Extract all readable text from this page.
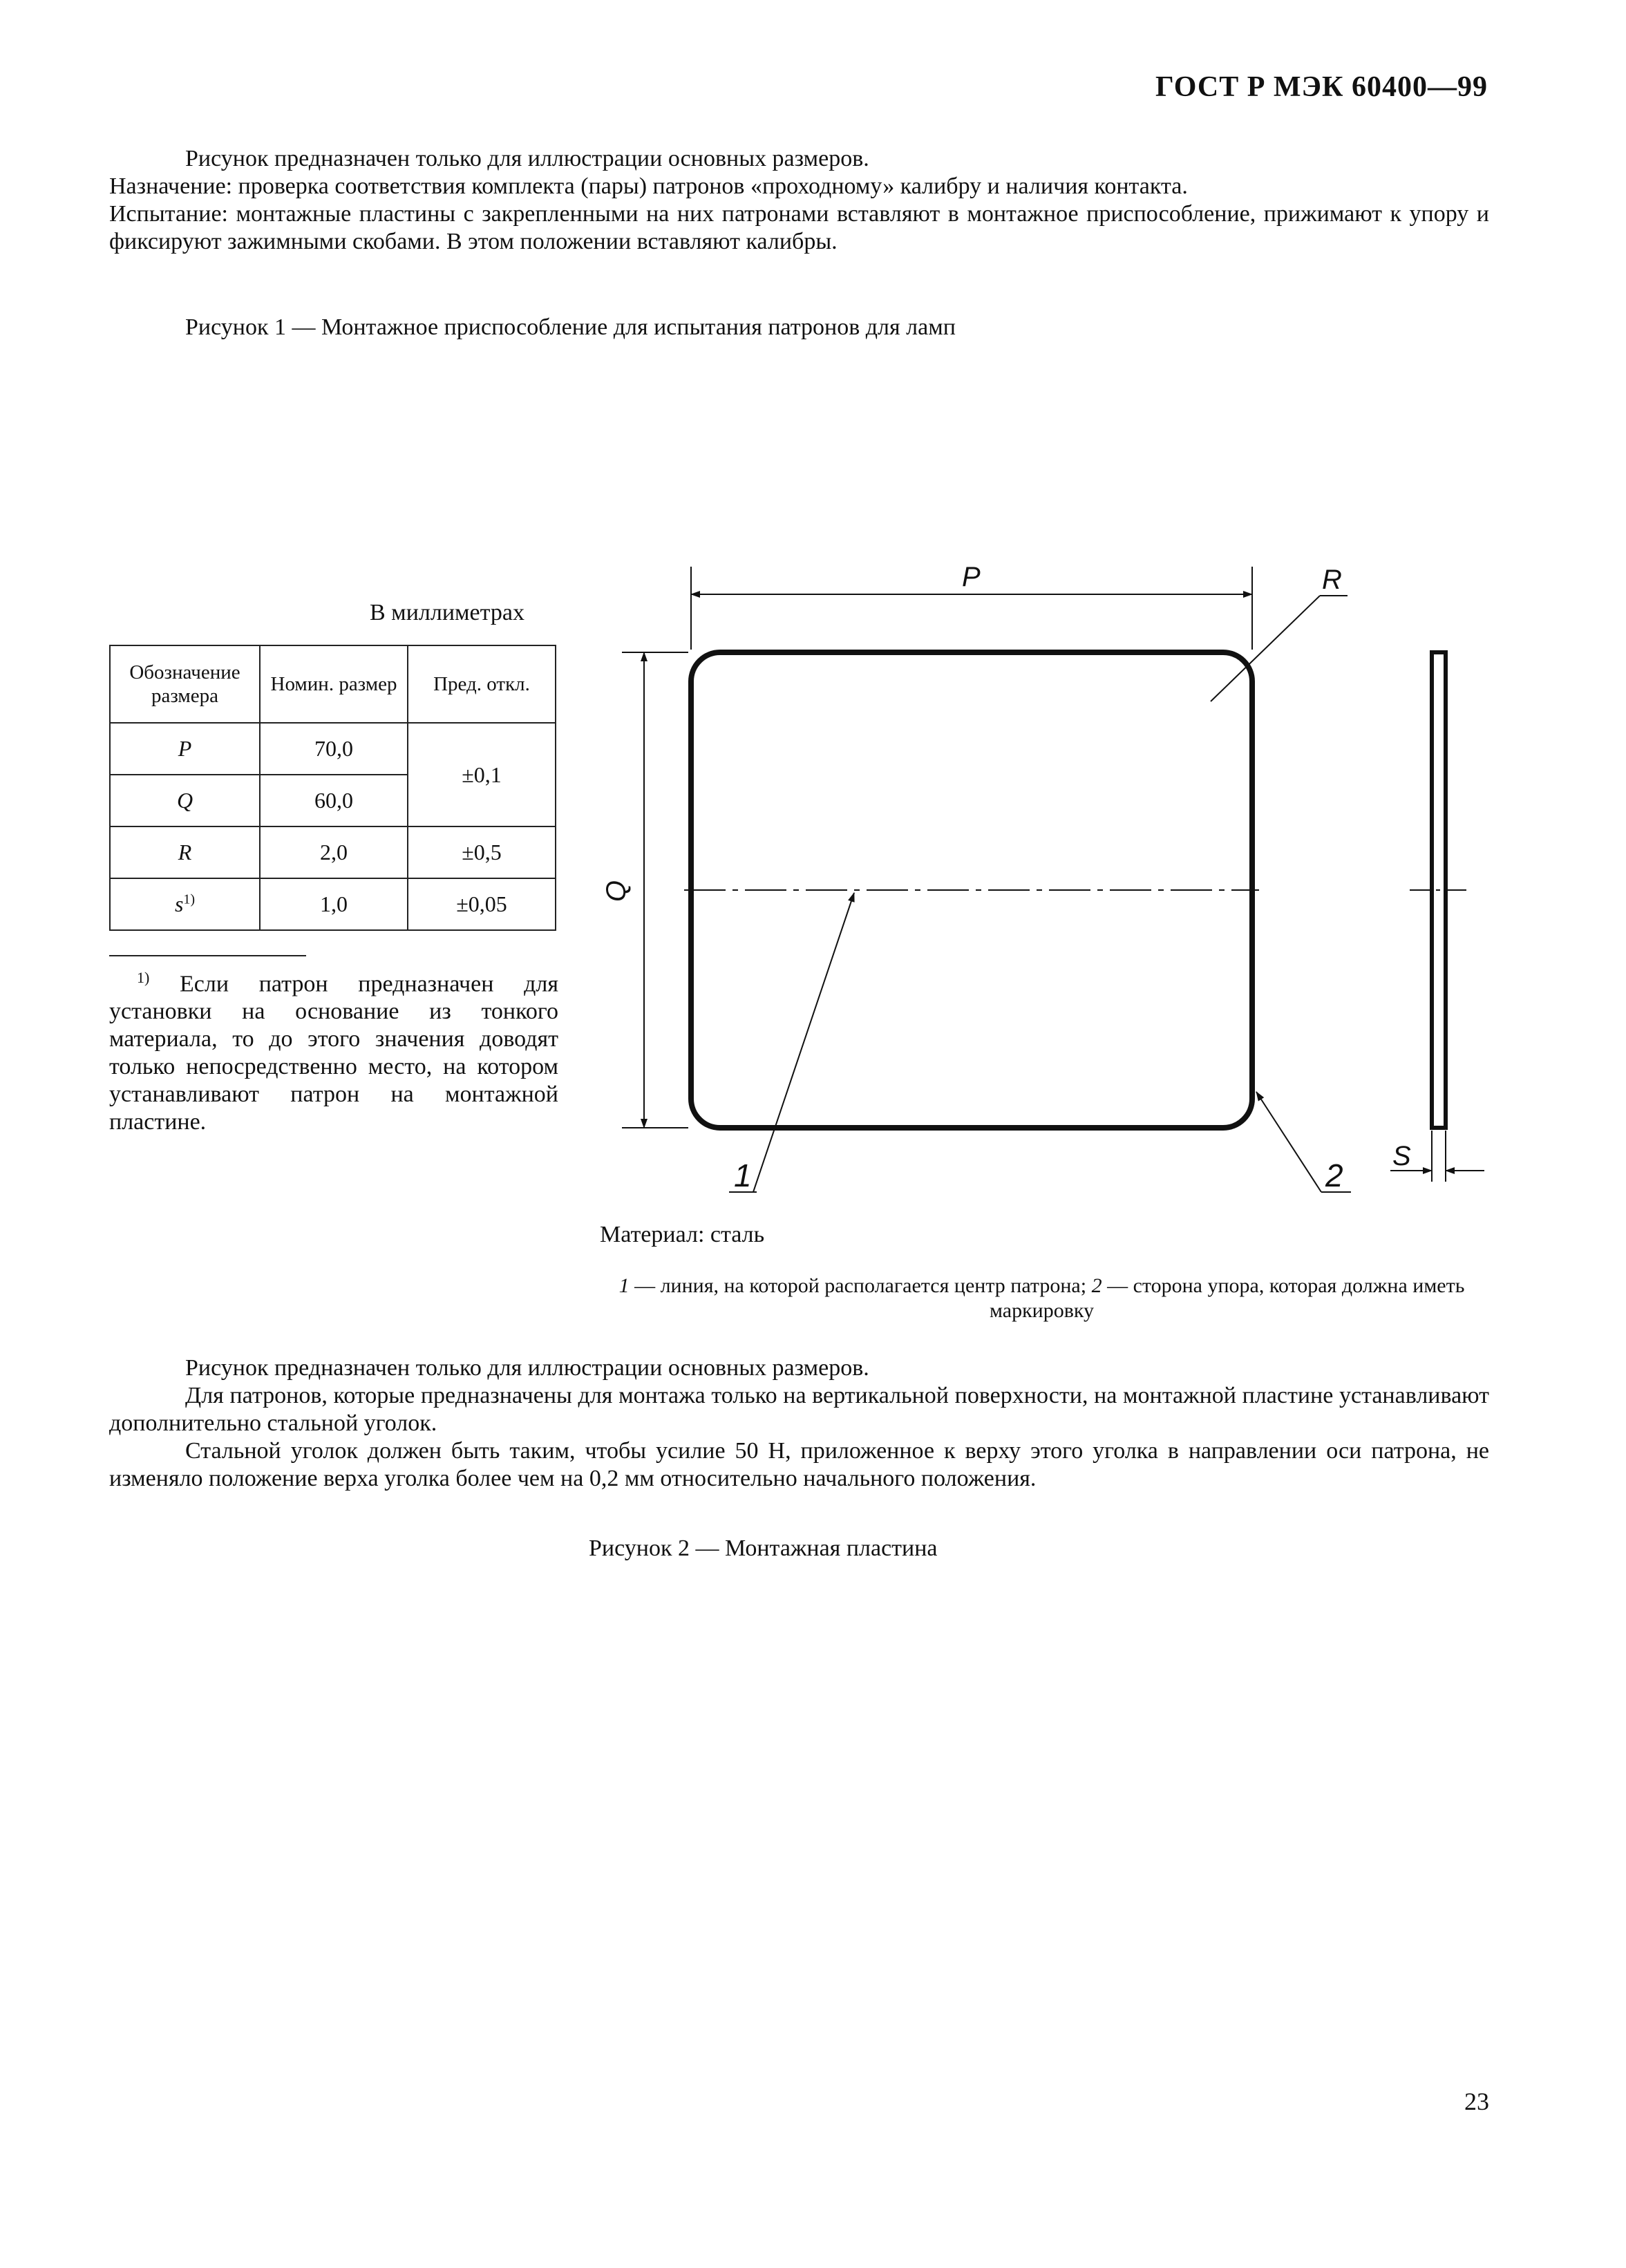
ГОСТ Р МЭК 60400—99

Рисунок предназначен только для иллюстрации основных размеров.

Назначение: проверка соответствия комплекта (пары) патронов «проходному» калибру и наличия контакта.

Испытание: монтажные пластины с закрепленными на них патронами вставляют в монтажное приспособление, прижимают к упору и фиксируют зажимными скобами. В этом положении вставляют калибры.

Рисунок 1 — Монтажное приспособление для испытания патронов для ламп
В миллиметрах
Обозначение размера	Номин. размер	Пред. откл.
P	70,0	±0,1
Q	60,0	
R	2,0	±0,5
$s^{1)}$	1,0	±0,05
$^{1)}$ Если патрон предназначен для установки на основание из тонкого материала, то до этого значения доводят только непосредственно место, на котором устанавливают патрон на монтажной пластине.
P	R
Q
1	2
S
Материал: сталь
1 — линия, на которой располагается центр патрона; 2 — сторона упора, которая должна иметь маркировку

Рисунок предназначен только для иллюстрации основных размеров.

Для патронов, которые предназначены для монтажа только на вертикальной поверхности, на монтажной пластине устанавливают дополнительно стальной уголок.

Стальной уголок должен быть таким, чтобы усилие 50 Н, приложенное к верху этого уголка в направлении оси патрона, не изменяло положение верха уголка более чем на 0,2 мм относительно начального положения.

Рисунок 2 — Монтажная пластина
23
